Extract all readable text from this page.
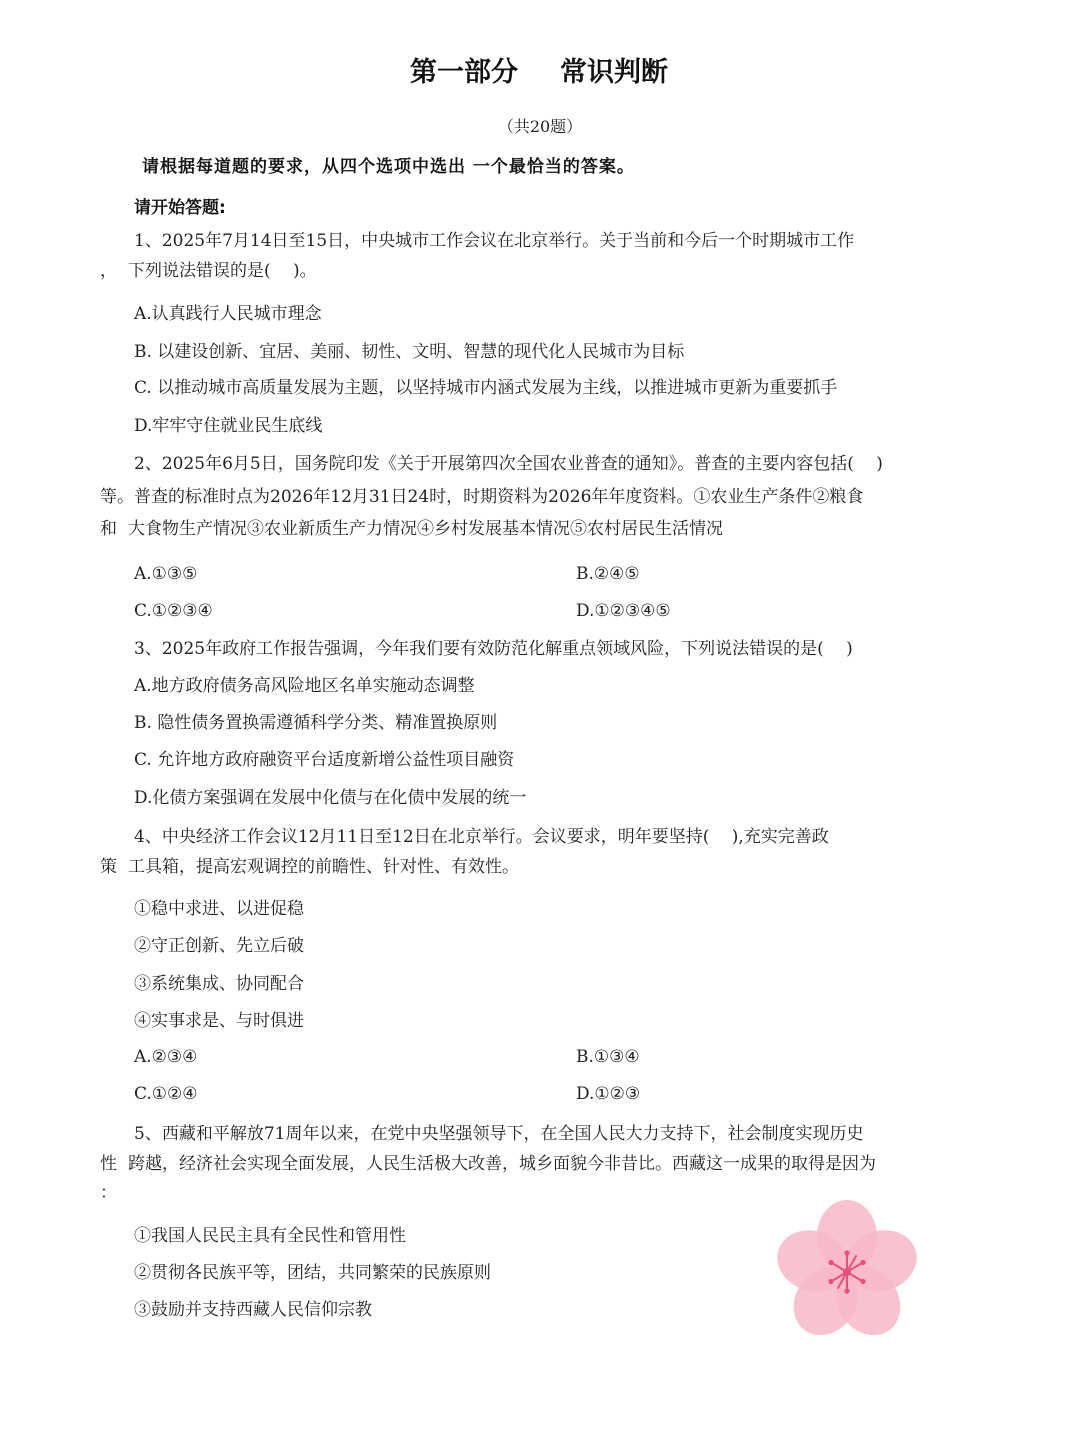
第一部分 常识判断
（共20题）
请根据每道题的要求，从四个选项中选出 一个最恰当的答案。
请开始答题:
1、2025年7月14日至15日，中央城市工作会议在北京举行。关于当前和今后一个时期城市工作
， 下列说法错误的是(　 )。
A.认真践行人民城市理念
B. 以建设创新、宜居、美丽、韧性、文明、智慧的现代化人民城市为目标
C. 以推动城市高质量发展为主题，以坚持城市内涵式发展为主线，以推进城市更新为重要抓手
D.牢牢守住就业民生底线
2、2025年6月5日，国务院印发《关于开展第四次全国农业普查的通知》。普查的主要内容包括(　 )
等。普查的标准时点为2026年12月31日24时，时期资料为2026年年度资料。①农业生产条件②粮食
和 大食物生产情况③农业新质生产力情况④乡村发展基本情况⑤农村居民生活情况
A.①③⑤	B.②④⑤
C.①②③④	D.①②③④⑤
3、2025年政府工作报告强调，今年我们要有效防范化解重点领域风险，下列说法错误的是(　 )
A.地方政府债务高风险地区名单实施动态调整
B. 隐性债务置换需遵循科学分类、精准置换原则
C. 允许地方政府融资平台适度新增公益性项目融资
D.化债方案强调在发展中化债与在化债中发展的统一
4、中央经济工作会议12月11日至12日在北京举行。会议要求，明年要坚持(　 ),充实完善政
策 工具箱，提高宏观调控的前瞻性、针对性、有效性。
①稳中求进、以进促稳
②守正创新、先立后破
③系统集成、协同配合
④实事求是、与时俱进
A.②③④	B.①③④
C.①②④	D.①②③
5、西藏和平解放71周年以来，在党中央坚强领导下，在全国人民大力支持下，社会制度实现历史
性 跨越，经济社会实现全面发展，人民生活极大改善，城乡面貌今非昔比。西藏这一成果的取得是因为
：
①我国人民民主具有全民性和管用性
②贯彻各民族平等，团结，共同繁荣的民族原则
③鼓励并支持西藏人民信仰宗教
